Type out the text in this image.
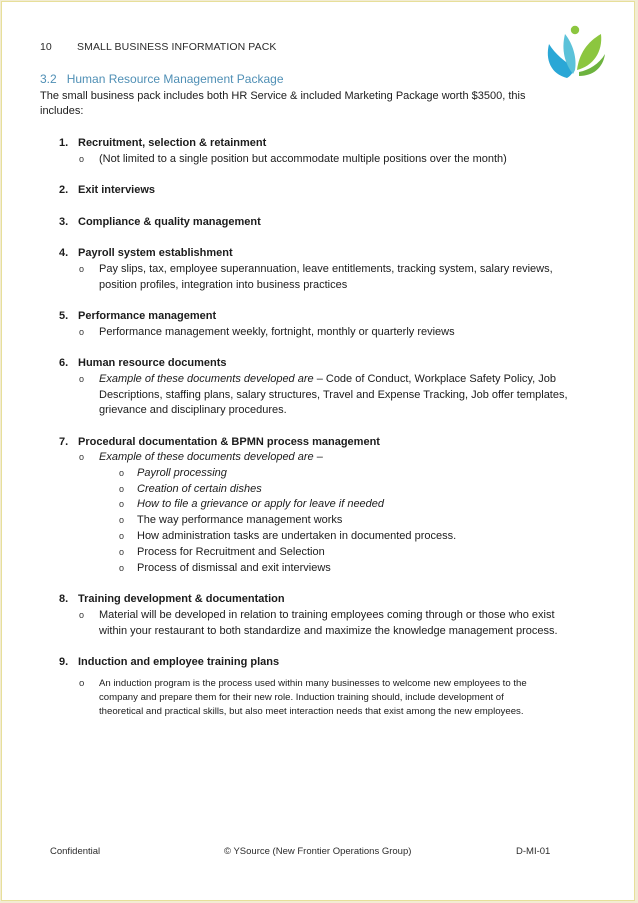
10 SMALL BUSINESS INFORMATION PACK
3.2 Human Resource Management Package
The small business pack includes both HR Service & included Marketing Package worth $3500, this
includes:
1. Recruitment, selection & retainment
o (Not limited to a single position but accommodate multiple positions over the month)
2. Exit interviews
3. Compliance & quality management
4. Payroll system establishment
o Pay slips, tax, employee superannuation, leave entitlements, tracking system, salary reviews,
position profiles, integration into business practices
5. Performance management
o Performance management weekly, fortnight, monthly or quarterly reviews
6. Human resource documents
o Example of these documents developed are – Code of Conduct, Workplace Safety Policy, Job
Descriptions, staffing plans, salary structures, Travel and Expense Tracking, Job offer templates,
grievance and disciplinary procedures.
7. Procedural documentation & BPMN process management
o Example of these documents developed are –
o Payroll processing
o Creation of certain dishes
o How to file a grievance or apply for leave if needed
o The way performance management works
o How administration tasks are undertaken in documented process.
o Process for Recruitment and Selection
o Process of dismissal and exit interviews
8. Training development & documentation
o Material will be developed in relation to training employees coming through or those who exist
within your restaurant to both standardize and maximize the knowledge management process.
9. Induction and employee training plans
o An induction program is the process used within many businesses to welcome new employees to the
company and prepare them for their new role. Induction training should, include development of
theoretical and practical skills, but also meet interaction needs that exist among the new employees.
Confidential	© YSource (New Frontier Operations Group)	D-MI-01
